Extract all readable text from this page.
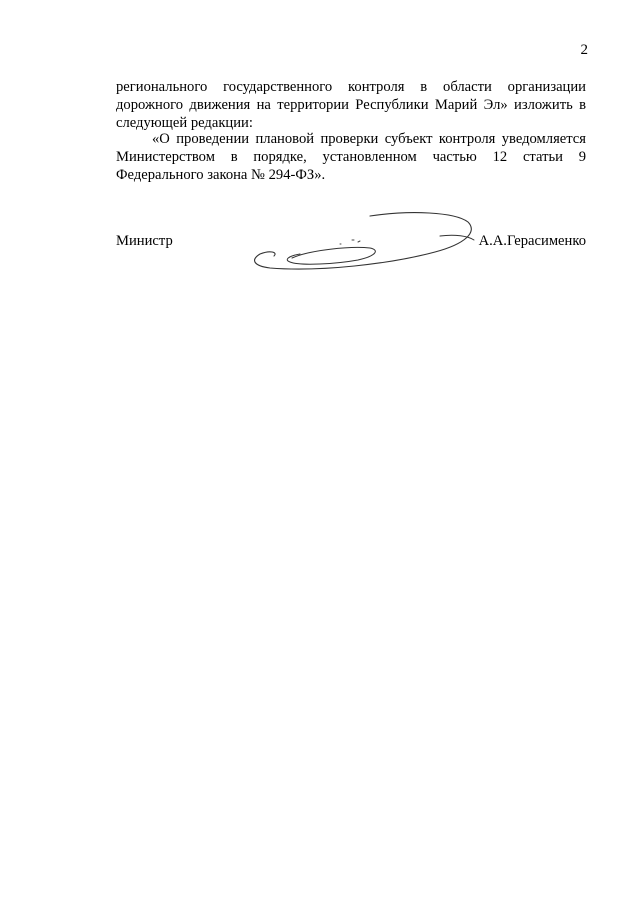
2

регионального государственного контроля в области организации дорожного движения на территории Республики Марий Эл» изложить в следующей редакции:

«О проведении плановой проверки субъект контроля уведомляется Министерством в порядке, установленном частью 12 статьи 9 Федерального закона № 294-ФЗ».

Министр	А.А.Герасименко
